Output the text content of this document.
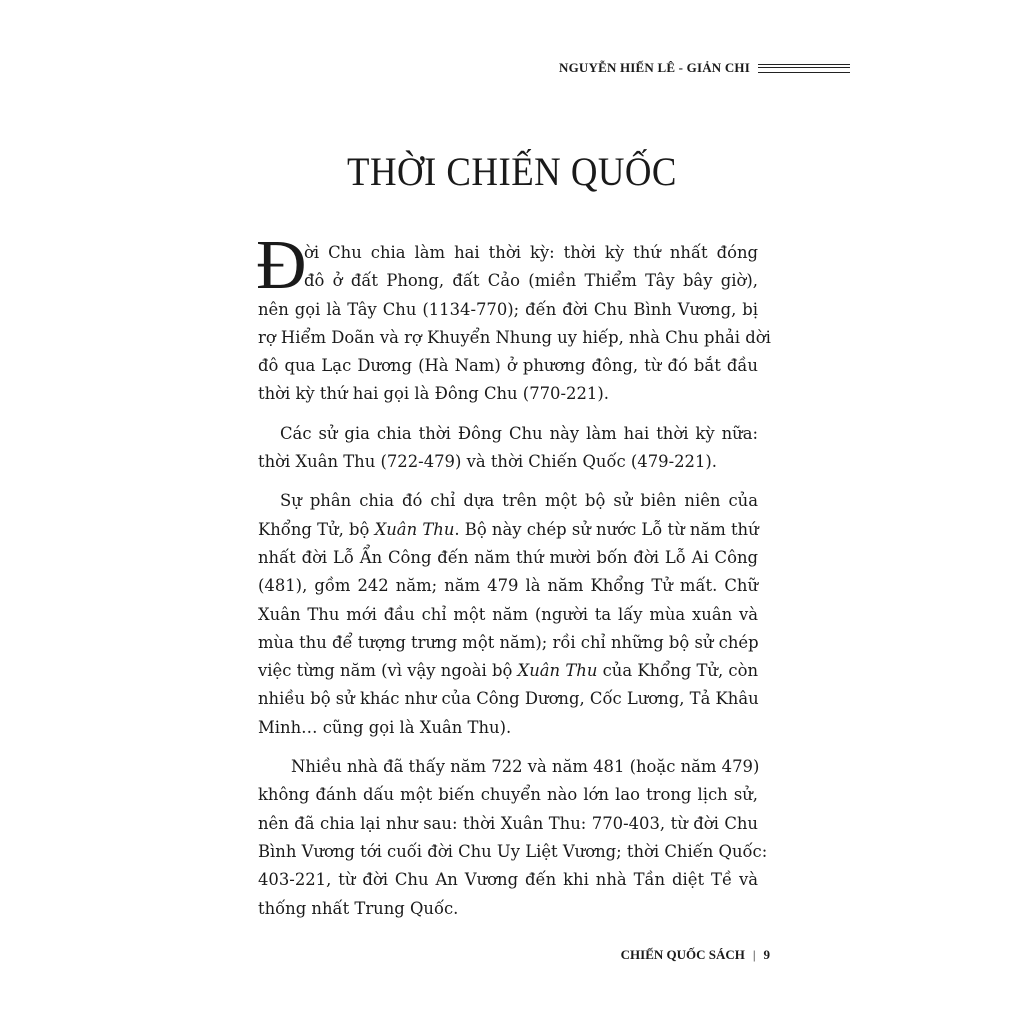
NGUYỄN HIẾN LÊ - GIẢN CHI
THỜI CHIẾN QUỐC
Đ
ời Chu chia làm hai thời kỳ: thời kỳ thứ nhất đóng
đô ở đất Phong, đất Cảo (miền Thiểm Tây bây giờ),
nên gọi là Tây Chu (1134-770); đến đời Chu Bình Vương, bị
rợ Hiểm Doãn và rợ Khuyển Nhung uy hiếp, nhà Chu phải dời
đô qua Lạc Dương (Hà Nam) ở phương đông, từ đó bắt đầu
thời kỳ thứ hai gọi là Đông Chu (770-221).
Các sử gia chia thời Đông Chu này làm hai thời kỳ nữa:
thời Xuân Thu (722-479) và thời Chiến Quốc (479-221).
Sự phân chia đó chỉ dựa trên một bộ sử biên niên của
Khổng Tử, bộ Xuân Thu. Bộ này chép sử nước Lỗ từ năm thứ
nhất đời Lỗ Ẩn Công đến năm thứ mười bốn đời Lỗ Ai Công
(481), gồm 242 năm; năm 479 là năm Khổng Tử mất. Chữ
Xuân Thu mới đầu chỉ một năm (người ta lấy mùa xuân và
mùa thu để tượng trưng một năm); rồi chỉ những bộ sử chép
việc từng năm (vì vậy ngoài bộ Xuân Thu của Khổng Tử, còn
nhiều bộ sử khác như của Công Dương, Cốc Lương, Tả Khâu
Minh… cũng gọi là Xuân Thu).
Nhiều nhà đã thấy năm 722 và năm 481 (hoặc năm 479)
không đánh dấu một biến chuyển nào lớn lao trong lịch sử,
nên đã chia lại như sau: thời Xuân Thu: 770-403, từ đời Chu
Bình Vương tới cuối đời Chu Uy Liệt Vương; thời Chiến Quốc:
403-221, từ đời Chu An Vương đến khi nhà Tần diệt Tề và
thống nhất Trung Quốc.
CHIẾN QUỐC SÁCH | 9
